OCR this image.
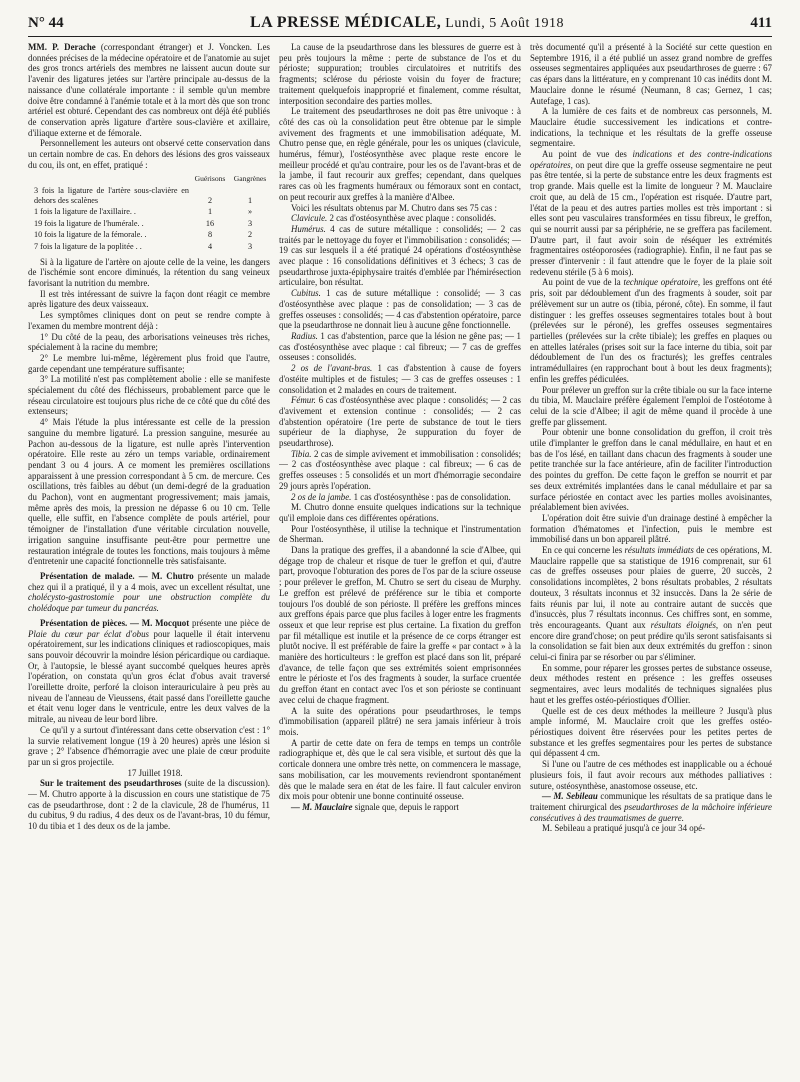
N° 44	LA PRESSE MÉDICALE, Lundi, 5 Août 1918	411

MM. P. Derache (correspondant étranger) et J. Voncken. Les données précises de la médecine opératoire et de l'anatomie au sujet des gros troncs artériels des membres ne laissent aucun doute sur l'avenir des ligatures jetées sur l'artère principale au-dessus de la naissance d'une collatérale importante : il semble qu'un membre doive être condamné à l'anémie totale et à la mort dès que son tronc artériel est obturé. Cependant des cas nombreux ont déjà été publiés de conservation après ligature d'artère sous-clavière et axillaire, d'iliaque externe et de fémorale.

Personnellement les auteurs ont observé cette conservation dans un certain nombre de cas. En dehors des lésions des gros vaisseaux du cou, ils ont, en effet, pratiqué :

	Guérisons	Gangrènes
3 fois la ligature de l'artère sous-clavière en dehors des scalènes	2	1
1 fois la ligature de l'axillaire. .	1	»
19 fois la ligature de l'humérale. .	16	3
10 fois la ligature de la fémorale. .	8	2
7 fois la ligature de la poplitée . .	4	3

Si à la ligature de l'artère on ajoute celle de la veine, les dangers de l'ischémie sont encore diminués, la rétention du sang veineux favorisant la nutrition du membre.

Il est très intéressant de suivre la façon dont réagit ce membre après ligature des deux vaisseaux.

Les symptômes cliniques dont on peut se rendre compte à l'examen du membre montrent déjà :

1° Du côté de la peau, des arborisations veineuses très riches, spécialement à la racine du membre;

2° Le membre lui-même, légèrement plus froid que l'autre, garde cependant une température suffisante;

3° La motilité n'est pas complètement abolie : elle se manifeste spécialement du côté des fléchisseurs, probablement parce que le réseau circulatoire est toujours plus riche de ce côté que du côté des extenseurs;

4° Mais l'étude la plus intéressante est celle de la pression sanguine du membre ligaturé. La pression sanguine, mesurée au Pachon au-dessous de la ligature, est nulle après l'intervention opératoire. Elle reste au zéro un temps variable, ordinairement pendant 3 ou 4 jours. A ce moment les premières oscillations apparaissent à une pression correspondant à 5 cm. de mercure. Ces oscillations, très faibles au début (un demi-degré de la graduation du Pachon), vont en augmentant progressivement; mais jamais, même après des mois, la pression ne dépasse 6 ou 10 cm. Telle quelle, elle suffit, en l'absence complète de pouls artériel, pour témoigner de l'installation d'une véritable circulation nouvelle, irrigation sanguine insuffisante peut-être pour permettre une restauration intégrale de toutes les fonctions, mais toujours à même d'entretenir une capacité fonctionnelle très satisfaisante.

Présentation de malade. — M. Chutro présente un malade chez qui il a pratiqué, il y a 4 mois, avec un excellent résultat, une cholécysto-gastrostomie pour une obstruction complète du cholédoque par tumeur du pancréas.

Présentation de pièces. — M. Mocquot présente une pièce de Plaie du cœur par éclat d'obus pour laquelle il était intervenu opératoirement, sur les indications cliniques et radioscopiques, mais sans pouvoir découvrir la moindre lésion péricardique ou cardiaque. Or, à l'autopsie, le blessé ayant succombé quelques heures après l'opération, on constata qu'un gros éclat d'obus avait traversé l'oreillette droite, perforé la cloison interauriculaire à peu près au niveau de l'anneau de Vieussens, était passé dans l'oreillette gauche et était venu loger dans le ventricule, entre les deux valves de la mitrale, au niveau de leur bord libre.

Ce qu'il y a surtout d'intéressant dans cette observation c'est : 1° la survie relativement longue (19 à 20 heures) après une lésion si grave ; 2° l'absence d'hémorragie avec une plaie de cœur produite par un si gros projectile.

17 Juillet 1918.

Sur le traitement des pseudarthroses (suite de la discussion). — M. Chutro apporte à la discussion en cours une statistique de 75 cas de pseudarthrose, dont : 2 de la clavicule, 28 de l'humérus, 11 du cubitus, 9 du radius, 4 des deux os de l'avant-bras, 10 du fémur, 10 du tibia et 1 des deux os de la jambe.

La cause de la pseudarthrose dans les blessures de guerre est à peu près toujours la même : perte de substance de l'os et du périoste; suppuration; troubles circulatoires et nutritifs des fragments; sclérose du périoste voisin du foyer de fracture; traitement quelquefois inapproprié et finalement, comme résultat, interposition secondaire des parties molles.

Le traitement des pseudarthroses ne doit pas être univoque : à côté des cas où la consolidation peut être obtenue par le simple avivement des fragments et une immobilisation adéquate, M. Chutro pense que, en règle générale, pour les os uniques (clavicule, humérus, fémur), l'ostéosynthèse avec plaque reste encore le meilleur procédé et qu'au contraire, pour les os de l'avant-bras et de la jambe, il faut recourir aux greffes; cependant, dans quelques rares cas où les fragments huméraux ou fémoraux sont en contact, on peut recourir aux greffes à la manière d'Albee.

Voici les résultats obtenus par M. Chutro dans ses 75 cas :

Clavicule. 2 cas d'ostéosynthèse avec plaque : consolidés.

Humérus. 4 cas de suture métallique : consolidés; — 2 cas traités par le nettoyage du foyer et l'immobilisation : consolidés; — 19 cas sur lesquels il a été pratiqué 24 opérations d'ostéosynthèse avec plaque : 16 consolidations définitives et 3 échecs; 3 cas de pseudarthrose juxta-épiphysaire traités d'emblée par l'hémirésection articulaire, bon résultat.

Cubitus. 1 cas de suture métallique : consolidé; — 3 cas d'ostéosynthèse avec plaque : pas de consolidation; — 3 cas de greffes osseuses : consolidés; — 4 cas d'abstention opératoire, parce que la pseudarthrose ne donnait lieu à aucune gêne fonctionnelle.

Radius. 1 cas d'abstention, parce que la lésion ne gêne pas; — 1 cas d'ostéosynthèse avec plaque : cal fibreux; — 7 cas de greffes osseuses : consolidés.

2 os de l'avant-bras. 1 cas d'abstention à cause de foyers d'ostéite multiples et de fistules; — 3 cas de greffes osseuses : 1 consolidation et 2 malades en cours de traitement.

Fémur. 6 cas d'ostéosynthèse avec plaque : consolidés; — 2 cas d'avivement et extension continue : consolidés; — 2 cas d'abstention opératoire (1re perte de substance de tout le tiers supérieur de la diaphyse, 2e suppuration du foyer de pseudarthrose).

Tibia. 2 cas de simple avivement et immobilisation : consolidés; — 2 cas d'ostéosynthèse avec plaque : cal fibreux; — 6 cas de greffes osseuses : 5 consolidés et un mort d'hémorragie secondaire 29 jours après l'opération.

2 os de la jambe. 1 cas d'ostéosynthèse : pas de consolidation.

M. Chutro donne ensuite quelques indications sur la technique qu'il emploie dans ces différentes opérations.

Pour l'ostéosynthèse, il utilise la technique et l'instrumentation de Sherman.

Dans la pratique des greffes, il a abandonné la scie d'Albee, qui dégage trop de chaleur et risque de tuer le greffon et qui, d'autre part, provoque l'obturation des pores de l'os par de la sciure osseuse ; pour prélever le greffon, M. Chutro se sert du ciseau de Murphy. Le greffon est prélevé de préférence sur le tibia et comporte toujours l'os doublé de son périoste. Il préfère les greffons minces aux greffons épais parce que plus faciles à loger entre les fragments osseux et que leur reprise est plus certaine. La fixation du greffon par fil métallique est inutile et la présence de ce corps étranger est plutôt nocive. Il est préférable de faire la greffe « par contact » à la manière des horticulteurs : le greffon est placé dans son lit, préparé d'avance, de telle façon que ses extrémités soient emprisonnées entre le périoste et l'os des fragments à souder, la surface cruentée du greffon étant en contact avec l'os et son périoste se continuant avec celui de chaque fragment.

A la suite des opérations pour pseudarthroses, le temps d'immobilisation (appareil plâtré) ne sera jamais inférieur à trois mois.

A partir de cette date on fera de temps en temps un contrôle radiographique et, dès que le cal sera visible, et surtout dès que la corticale donnera une ombre très nette, on commencera le massage, sans mobilisation, car les mouvements reviendront spontanément dès que le malade sera en état de les faire. Il faut calculer environ dix mois pour obtenir une bonne continuité osseuse.

— M. Mauclaire signale que, depuis le rapport

très documenté qu'il a présenté à la Société sur cette question en Septembre 1916, il a été publié un assez grand nombre de greffes osseuses segmentaires appliquées aux pseudarthroses de guerre : 67 cas épars dans la littérature, en y comprenant 10 cas inédits dont M. Mauclaire donne le résumé (Neumann, 8 cas; Gernez, 1 cas; Autefage, 1 cas).

A la lumière de ces faits et de nombreux cas personnels, M. Mauclaire étudie successivement les indications et contre-indications, la technique et les résultats de la greffe osseuse segmentaire.

Au point de vue des indications et des contre-indications opératoires, on peut dire que la greffe osseuse segmentaire ne peut pas être tentée, si la perte de substance entre les deux fragments est trop grande. Mais quelle est la limite de longueur ? M. Mauclaire croit que, au delà de 15 cm., l'opération est risquée. D'autre part, l'état de la peau et des autres parties molles est très important : si elles sont peu vasculaires transformées en tissu fibreux, le greffon, qui se nourrit aussi par sa périphérie, ne se greffera pas facilement. D'autre part, il faut avoir soin de réséquer les extrémités fragmentaires ostéoporosées (radiographie). Enfin, il ne faut pas se presser d'intervenir : il faut attendre que le foyer de la plaie soit redevenu stérile (5 à 6 mois).

Au point de vue de la technique opératoire, les greffons ont été pris, soit par dédoublement d'un des fragments à souder, soit par prélèvement sur un autre os (tibia, péroné, côte). En somme, il faut distinguer : les greffes osseuses segmentaires totales bout à bout (prélevées sur le péroné), les greffes osseuses segmentaires partielles (prélevées sur la crête tibiale); les greffes en plaques ou en attelles latérales (prises soit sur la face interne du tibia, soit par dédoublement de l'un des os fracturés); les greffes centrales intramédullaires (en rapprochant bout à bout les deux fragments); enfin les greffes pédiculées.

Pour prélever un greffon sur la crête tibiale ou sur la face interne du tibia, M. Mauclaire préfère également l'emploi de l'ostéotome à celui de la scie d'Albee; il agit de même quand il procède à une greffe par glissement.

Pour obtenir une bonne consolidation du greffon, il croit très utile d'implanter le greffon dans le canal médullaire, en haut et en bas de l'os lésé, en taillant dans chacun des fragments à souder une petite tranchée sur la face antérieure, afin de faciliter l'introduction des pointes du greffon. De cette façon le greffon se nourrit et par ses deux extrémités implantées dans le canal médullaire et par sa surface périostée en contact avec les parties molles avoisinantes, préalablement bien avivées.

L'opération doit être suivie d'un drainage destiné à empêcher la formation d'hématomes et l'infection, puis le membre est immobilisé dans un bon appareil plâtré.

En ce qui concerne les résultats immédiats de ces opérations, M. Mauclaire rappelle que sa statistique de 1916 comprenait, sur 61 cas de greffes osseuses pour plaies de guerre, 20 succès, 2 consolidations incomplètes, 2 bons résultats probables, 2 résultats douteux, 3 résultats inconnus et 32 insuccès. Dans la 2e série de faits réunis par lui, il note au contraire autant de succès que d'insuccès, plus 7 résultats inconnus. Ces chiffres sont, en somme, très encourageants. Quant aux résultats éloignés, on n'en peut encore dire grand'chose; on peut prédire qu'ils seront satisfaisants si la consolidation se fait bien aux deux extrémités du greffon : sinon celui-ci finira par se résorber ou par s'éliminer.

En somme, pour réparer les grosses pertes de substance osseuse, deux méthodes restent en présence : les greffes osseuses segmentaires, avec leurs modalités de techniques signalées plus haut et les greffes ostéo-périostiques d'Ollier.

Quelle est de ces deux méthodes la meilleure ? Jusqu'à plus ample informé, M. Mauclaire croit que les greffes ostéo-périostiques doivent être réservées pour les petites pertes de substance et les greffes segmentaires pour les pertes de substance qui dépassent 4 cm.

Si l'une ou l'autre de ces méthodes est inapplicable ou a échoué plusieurs fois, il faut avoir recours aux méthodes palliatives : suture, ostéosynthèse, anastomose osseuse, etc.

— M. Sebileau communique les résultats de sa pratique dans le traitement chirurgical des pseudarthroses de la mâchoire inférieure consécutives à des traumatismes de guerre.

M. Sebileau a pratiqué jusqu'à ce jour 34 opé-
